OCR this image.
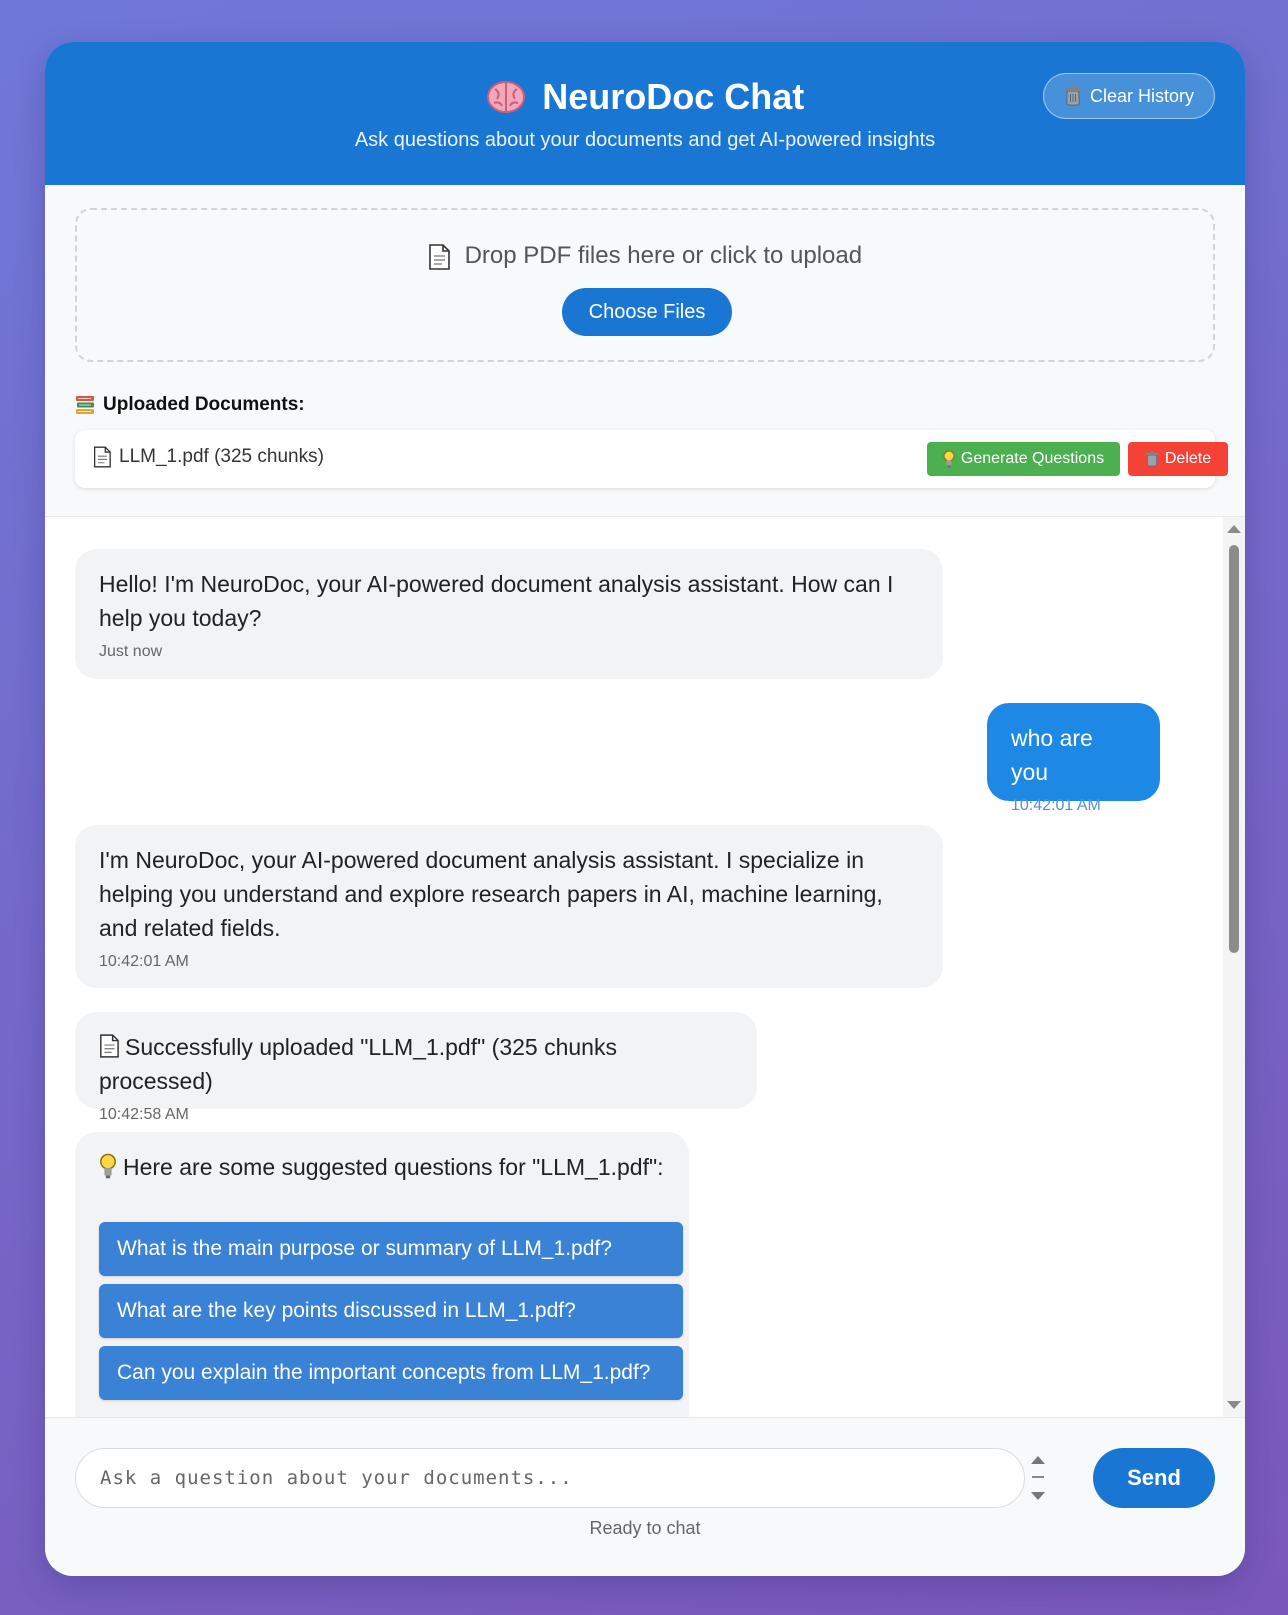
NeuroDoc Chat
Ask questions about your documents and get AI-powered insights
Clear History
Drop PDF files here or click to upload
Choose Files
Uploaded Documents:
LLM_1.pdf (325 chunks)	Generate Questions	Delete
Hello! I'm NeuroDoc, your AI-powered document analysis assistant. How can I help you today?
Just now
who are you
10:42:01 AM
I'm NeuroDoc, your AI-powered document analysis assistant. I specialize in helping you understand and explore research papers in AI, machine learning, and related fields.
10:42:01 AM
Successfully uploaded "LLM_1.pdf" (325 chunks processed)
10:42:58 AM
Here are some suggested questions for "LLM_1.pdf":
What is the main purpose or summary of LLM_1.pdf?
What are the key points discussed in LLM_1.pdf?
Can you explain the important concepts from LLM_1.pdf?
Ask a question about your documents...
Send
Ready to chat
